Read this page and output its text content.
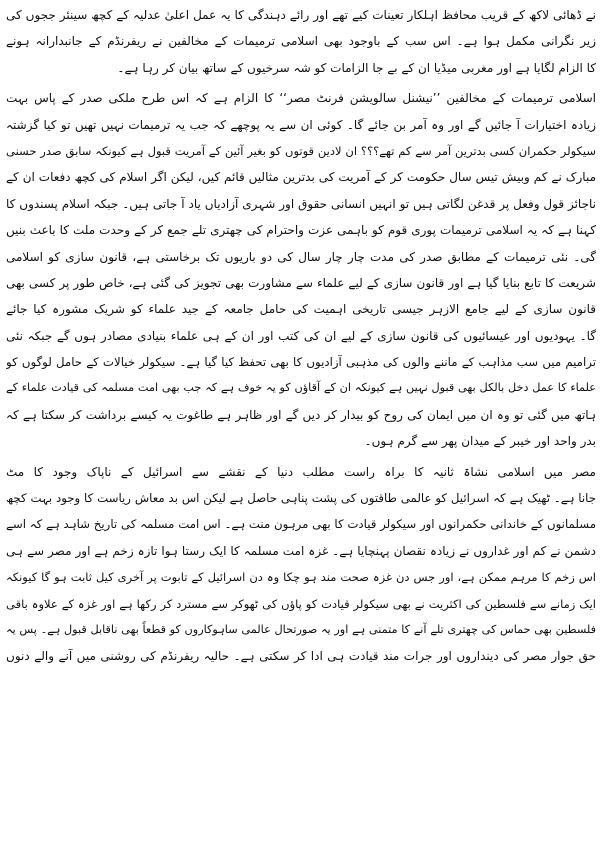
نے ڈھائی لاکھ کے قریب محافظ اہلکار تعینات کیے تھے اور رائے دہندگی کا یہ عمل اعلیٰ عدلیہ کے کچھ سینئر ججوں کی
زیر نگرانی مکمل ہوا ہے۔ اس سب کے باوجود بھی اسلامی ترمیمات کے مخالفین نے ریفرنڈم کے جانبدارانہ ہونے
کا الزام لگایا ہے اور مغربی میڈیا ان کے بے جا الزامات کو شہ سرخیوں کے ساتھ بیان کر رہا ہے۔
اسلامی ترمیمات کے مخالفین ’’نیشنل سالویشن فرنٹ مصر‘‘ کا الزام ہے کہ اس طرح ملکی صدر کے پاس بہت
زیادہ اختیارات آ جائیں گے اور وہ آمر بن جائے گا۔ کوئی ان سے یہ پوچھے کہ جب یہ ترمیمات نہیں تھیں تو کیا گزشتہ
سیکولر حکمران کسی بدترین آمر سے کم تھے؟؟؟ ان لادین قوتوں کو بغیر آئین کے آمریت قبول ہے کیونکہ سابق صدر حسنی
مبارک نے کم وبیش تیس سال حکومت کر کے آمریت کی بدترین مثالیں قائم کیں، لیکن اگر اسلام کی کچھ دفعات ان کے
ناجائز قول وفعل پر قدغن لگاتی ہیں تو انہیں انسانی حقوق اور شہری آزادیاں یاد آ جاتی ہیں۔ جبکہ اسلام پسندوں کا
کہنا ہے کہ یہ اسلامی ترمیمات پوری قوم کو باہمی عزت واحترام کی چھتری تلے جمع کر کے وحدت ملت کا باعث بنیں
گی۔ نئی ترمیمات کے مطابق صدر کی مدت چار چار سال کی دو باریوں تک برخاستی ہے، قانون سازی کو اسلامی
شریعت کا تابع بنایا گیا ہے اور قانون سازی کے لیے علماء سے مشاورت بھی تجویز کی گئی ہے، خاص طور پر کسی بھی
قانون سازی کے لیے جامع الازہر جیسی تاریخی اہمیت کی حامل جامعہ کے جید علماء کو شریک مشورہ کیا جائے
گا۔ یہودیوں اور عیسائیوں کی قانون سازی کے لیے ان کی کتب اور ان کے ہی علماء بنیادی مصادر ہوں گے جبکہ نئی
ترامیم میں سب مذاہب کے ماننے والوں کی مذہبی آزادیوں کا بھی تحفظ کیا گیا ہے۔ سیکولر خیالات کے حامل لوگوں کو
علماء کا عمل دخل بالکل بھی قبول نہیں ہے کیونکہ ان کے آقاؤں کو یہ خوف ہے کہ جب بھی امت مسلمہ کی قیادت علماء کے
ہاتھ میں گئی تو وہ ان میں ایمان کی روح کو بیدار کر دیں گے اور ظاہر ہے طاغوت یہ کیسے برداشت کر سکتا ہے کہ
بدر واحد اور خیبر کے میدان پھر سے گرم ہوں۔
مصر میں اسلامی نشاۃ ثانیہ کا براہ راست مطلب دنیا کے نقشے سے اسرائیل کے ناپاک وجود کا مٹ
جانا ہے۔ ٹھیک ہے کہ اسرائیل کو عالمی طاقتوں کی پشت پناہی حاصل ہے لیکن اس بد معاش ریاست کا وجود بہت کچھ
مسلمانوں کے خاندانی حکمرانوں اور سیکولر قیادت کا بھی مرہون منت ہے۔ اس امت مسلمہ کی تاریخ شاہد ہے کہ اسے
دشمن نے کم اور غداروں نے زیادہ نقصان پہنچایا ہے۔ غزہ امت مسلمہ کا ایک رستا ہوا تازہ زخم ہے اور مصر سے ہی
اس زخم کا مرہم ممکن ہے، اور جس دن غزہ صحت مند ہو چکا وہ دن اسرائیل کے تابوت پر آخری کیل ثابت ہو گا کیونکہ
ایک زمانے سے فلسطین کی اکثریت نے بھی سیکولر قیادت کو پاؤں کی ٹھوکر سے مسترد کر رکھا ہے اور غزہ کے علاوہ باقی
فلسطین بھی حماس کی چھتری تلے آنے کا متمنی ہے اور یہ صورتحال عالمی ساہوکاروں کو قطعاً بھی ناقابل قبول ہے۔ پس یہ
حق جوار مصر کی دینداروں اور جرات مند قیادت ہی ادا کر سکتی ہے۔ حالیہ ریفرنڈم کی روشنی میں آنے والے دنوں
